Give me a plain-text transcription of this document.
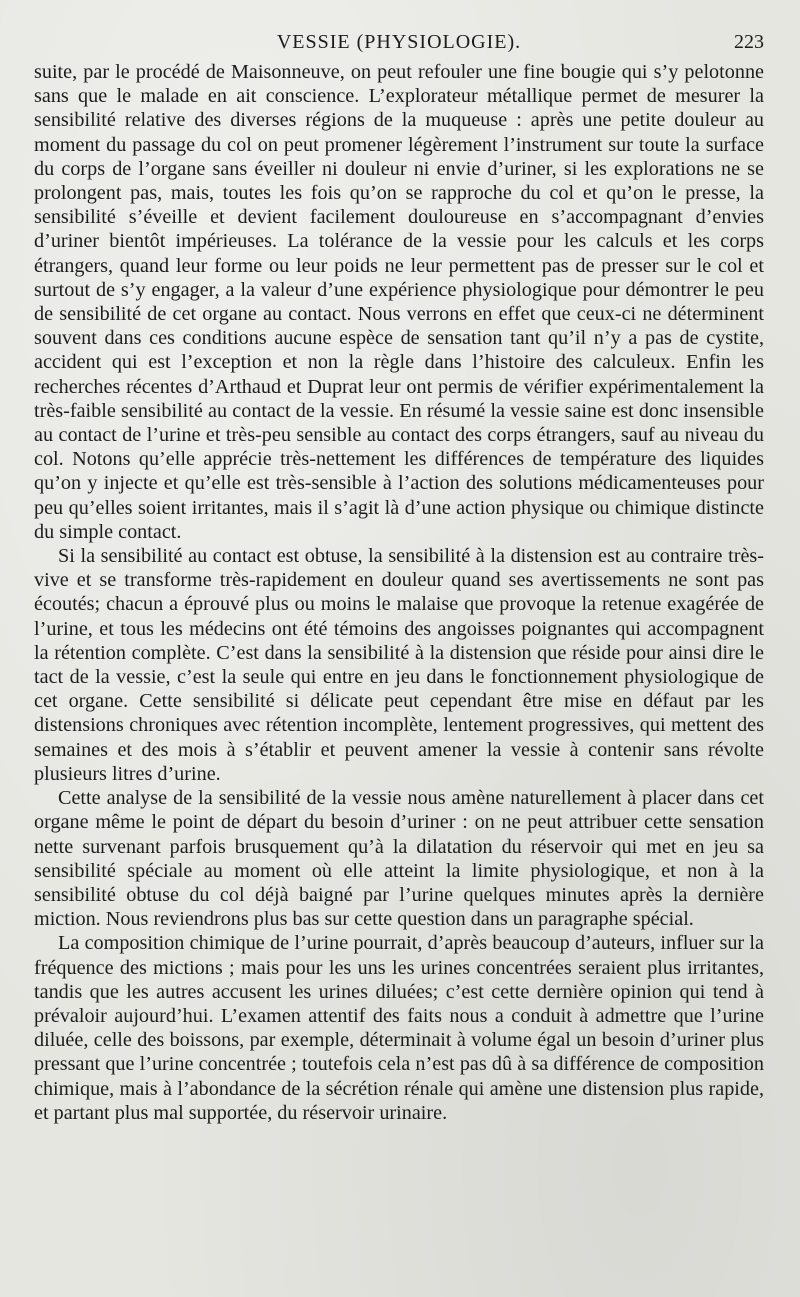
VESSIE (PHYSIOLOGIE).	223

suite, par le procédé de Maisonneuve, on peut refouler une fine bougie qui s’y pelotonne sans que le malade en ait conscience. L’explorateur métallique permet de mesurer la sensibilité relative des diverses régions de la muqueuse : après une petite douleur au moment du passage du col on peut promener légèrement l’instrument sur toute la surface du corps de l’organe sans éveiller ni douleur ni envie d’uriner, si les explorations ne se prolongent pas, mais, toutes les fois qu’on se rapproche du col et qu’on le presse, la sensibilité s’éveille et devient facilement douloureuse en s’accompagnant d’envies d’uriner bientôt impérieuses. La tolérance de la vessie pour les calculs et les corps étrangers, quand leur forme ou leur poids ne leur permettent pas de presser sur le col et surtout de s’y engager, a la valeur d’une expérience physiologique pour démontrer le peu de sensibilité de cet organe au contact. Nous verrons en effet que ceux-ci ne déterminent souvent dans ces conditions aucune espèce de sensation tant qu’il n’y a pas de cystite, accident qui est l’exception et non la règle dans l’histoire des calculeux. Enfin les recherches récentes d’Arthaud et Duprat leur ont permis de vérifier expérimentalement la très-faible sensibilité au contact de la vessie. En résumé la vessie saine est donc insensible au contact de l’urine et très-peu sensible au contact des corps étrangers, sauf au niveau du col. Notons qu’elle apprécie très-nettement les différences de température des liquides qu’on y injecte et qu’elle est très-sensible à l’action des solutions médicamenteuses pour peu qu’elles soient irritantes, mais il s’agit là d’une action physique ou chimique distincte du simple contact.

Si la sensibilité au contact est obtuse, la sensibilité à la distension est au contraire très-vive et se transforme très-rapidement en douleur quand ses avertissements ne sont pas écoutés; chacun a éprouvé plus ou moins le malaise que provoque la retenue exagérée de l’urine, et tous les médecins ont été témoins des angoisses poignantes qui accompagnent la rétention complète. C’est dans la sensibilité à la distension que réside pour ainsi dire le tact de la vessie, c’est la seule qui entre en jeu dans le fonctionnement physiologique de cet organe. Cette sensibilité si délicate peut cependant être mise en défaut par les distensions chroniques avec rétention incomplète, lentement progressives, qui mettent des semaines et des mois à s’établir et peuvent amener la vessie à contenir sans révolte plusieurs litres d’urine.

Cette analyse de la sensibilité de la vessie nous amène naturellement à placer dans cet organe même le point de départ du besoin d’uriner : on ne peut attribuer cette sensation nette survenant parfois brusquement qu’à la dilatation du réservoir qui met en jeu sa sensibilité spéciale au moment où elle atteint la limite physiologique, et non à la sensibilité obtuse du col déjà baigné par l’urine quelques minutes après la dernière miction. Nous reviendrons plus bas sur cette question dans un paragraphe spécial.

La composition chimique de l’urine pourrait, d’après beaucoup d’auteurs, influer sur la fréquence des mictions ; mais pour les uns les urines concentrées seraient plus irritantes, tandis que les autres accusent les urines diluées; c’est cette dernière opinion qui tend à prévaloir aujourd’hui. L’examen attentif des faits nous a conduit à admettre que l’urine diluée, celle des boissons, par exemple, déterminait à volume égal un besoin d’uriner plus pressant que l’urine concentrée ; toutefois cela n’est pas dû à sa différence de composition chimique, mais à l’abondance de la sécrétion rénale qui amène une distension plus rapide, et partant plus mal supportée, du réservoir urinaire.
